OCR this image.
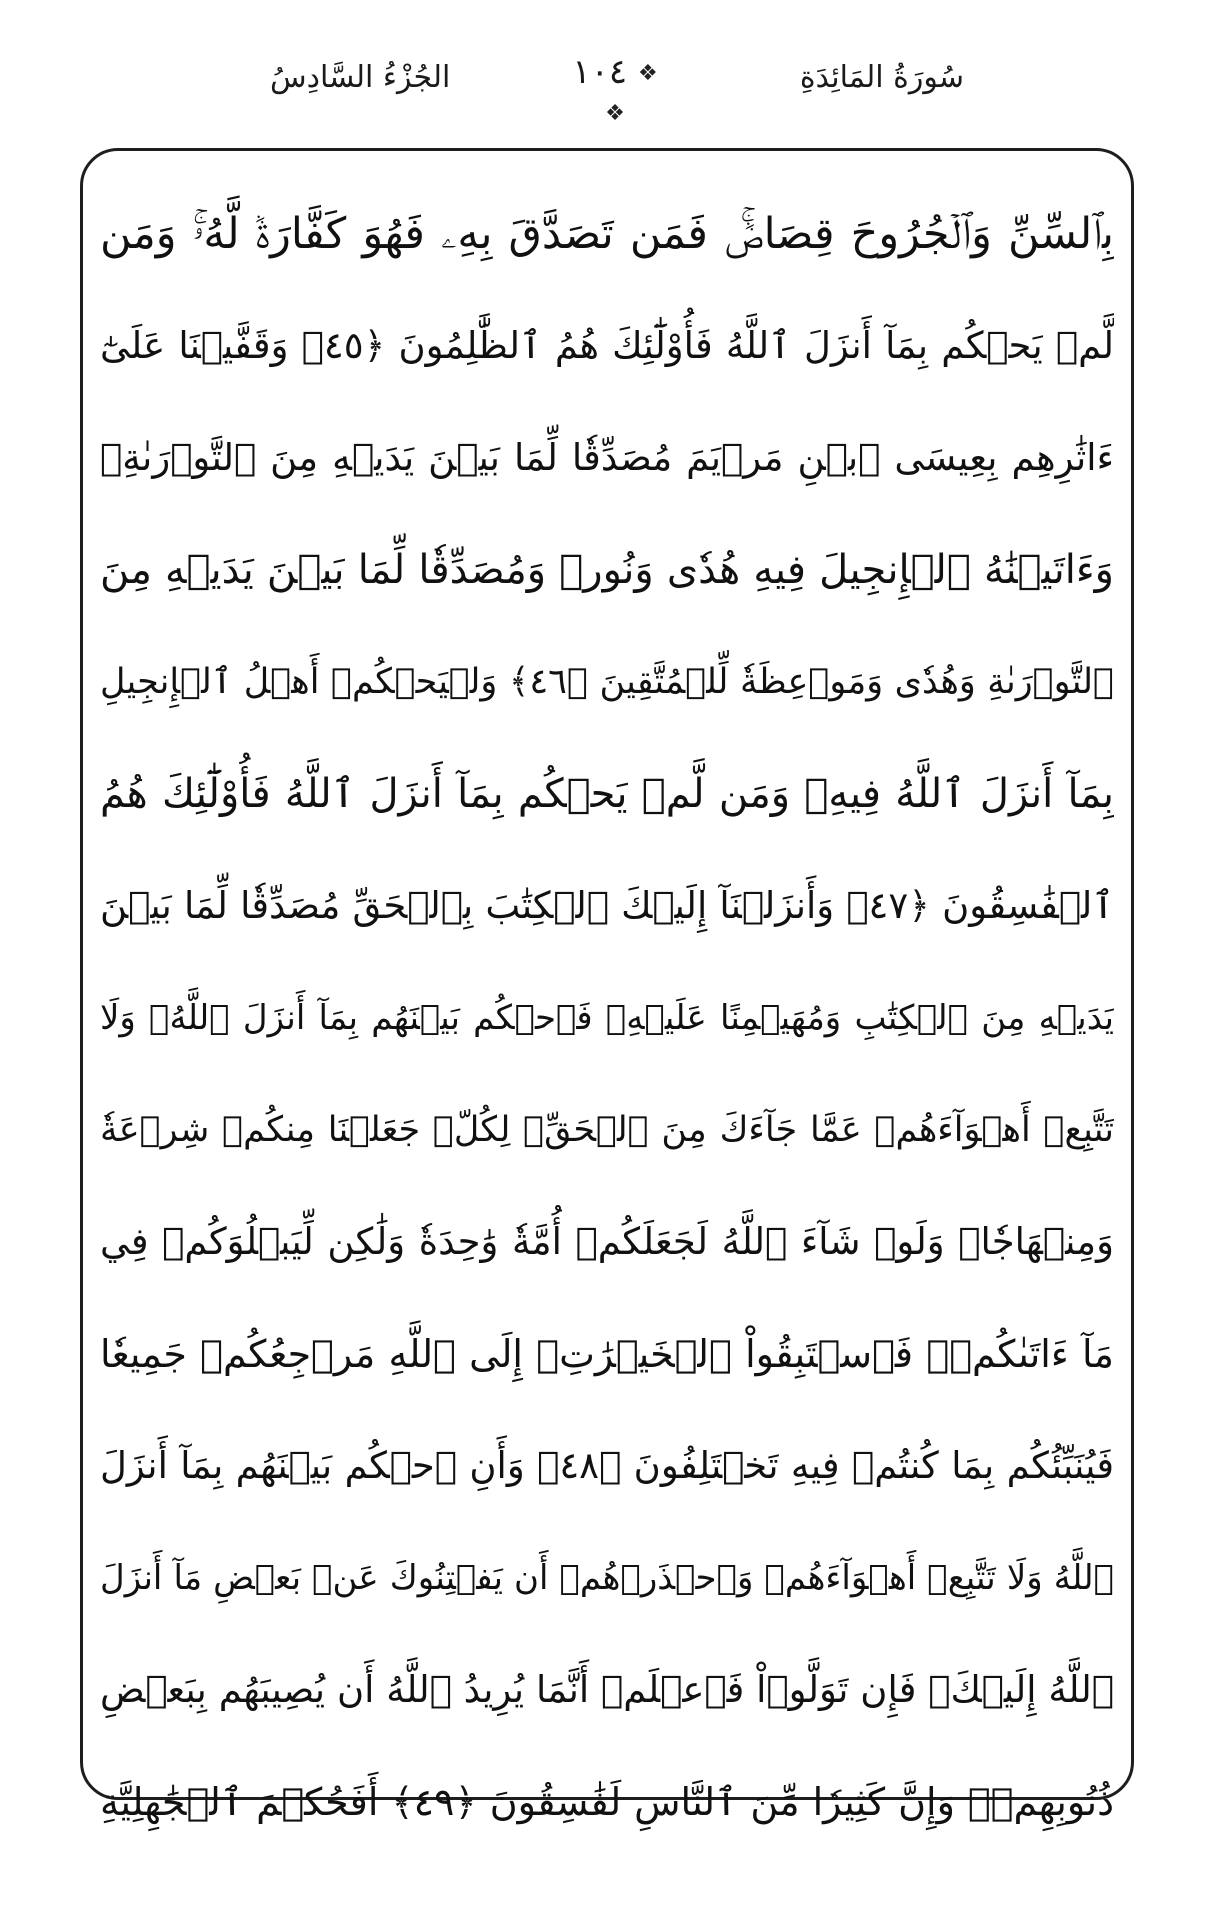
سُورَةُ المَائِدَةِ
❖ ١٠٤ ❖
الجُزْءُ السَّادِسُ
بِٱلسِّنِّ وَٱلۡجُرُوحَ قِصَاصٞۚ فَمَن تَصَدَّقَ بِهِۦ فَهُوَ كَفَّارَةٞ لَّهُۥۚ وَمَن
لَّمۡ يَحۡكُم بِمَآ أَنزَلَ ٱللَّهُ فَأُوْلَٰٓئِكَ هُمُ ٱلظَّٰلِمُونَ ﴿٤٥﴾ وَقَفَّيۡنَا عَلَىٰٓ
ءَاثَٰرِهِم بِعِيسَى ٱبۡنِ مَرۡيَمَ مُصَدِّقٗا لِّمَا بَيۡنَ يَدَيۡهِ مِنَ ٱلتَّوۡرَىٰةِۖ
وَءَاتَيۡنَٰهُ ٱلۡإِنجِيلَ فِيهِ هُدٗى وَنُورٞ وَمُصَدِّقٗا لِّمَا بَيۡنَ يَدَيۡهِ مِنَ
ٱلتَّوۡرَىٰةِ وَهُدٗى وَمَوۡعِظَةٗ لِّلۡمُتَّقِينَ ﴿٤٦﴾ وَلۡيَحۡكُمۡ أَهۡلُ ٱلۡإِنجِيلِ
بِمَآ أَنزَلَ ٱللَّهُ فِيهِۚ وَمَن لَّمۡ يَحۡكُم بِمَآ أَنزَلَ ٱللَّهُ فَأُوْلَٰٓئِكَ هُمُ
ٱلۡفَٰسِقُونَ ﴿٤٧﴾ وَأَنزَلۡنَآ إِلَيۡكَ ٱلۡكِتَٰبَ بِٱلۡحَقِّ مُصَدِّقٗا لِّمَا بَيۡنَ
يَدَيۡهِ مِنَ ٱلۡكِتَٰبِ وَمُهَيۡمِنًا عَلَيۡهِۖ فَٱحۡكُم بَيۡنَهُم بِمَآ أَنزَلَ ٱللَّهُۖ وَلَا
تَتَّبِعۡ أَهۡوَآءَهُمۡ عَمَّا جَآءَكَ مِنَ ٱلۡحَقِّۚ لِكُلّٖ جَعَلۡنَا مِنكُمۡ شِرۡعَةٗ
وَمِنۡهَاجٗاۚ وَلَوۡ شَآءَ ٱللَّهُ لَجَعَلَكُمۡ أُمَّةٗ وَٰحِدَةٗ وَلَٰكِن لِّيَبۡلُوَكُمۡ فِي
مَآ ءَاتَىٰكُمۡۖ فَٱسۡتَبِقُواْ ٱلۡخَيۡرَٰتِۚ إِلَى ٱللَّهِ مَرۡجِعُكُمۡ جَمِيعٗا
فَيُنَبِّئُكُم بِمَا كُنتُمۡ فِيهِ تَخۡتَلِفُونَ ﴿٤٨﴾ وَأَنِ ٱحۡكُم بَيۡنَهُم بِمَآ أَنزَلَ
ٱللَّهُ وَلَا تَتَّبِعۡ أَهۡوَآءَهُمۡ وَٱحۡذَرۡهُمۡ أَن يَفۡتِنُوكَ عَنۢ بَعۡضِ مَآ أَنزَلَ
ٱللَّهُ إِلَيۡكَۖ فَإِن تَوَلَّوۡاْ فَٱعۡلَمۡ أَنَّمَا يُرِيدُ ٱللَّهُ أَن يُصِيبَهُم بِبَعۡضِ
ذُنُوبِهِمۡۗ وَإِنَّ كَثِيرٗا مِّنَ ٱلنَّاسِ لَفَٰسِقُونَ ﴿٤٩﴾ أَفَحُكۡمَ ٱلۡجَٰهِلِيَّةِ
